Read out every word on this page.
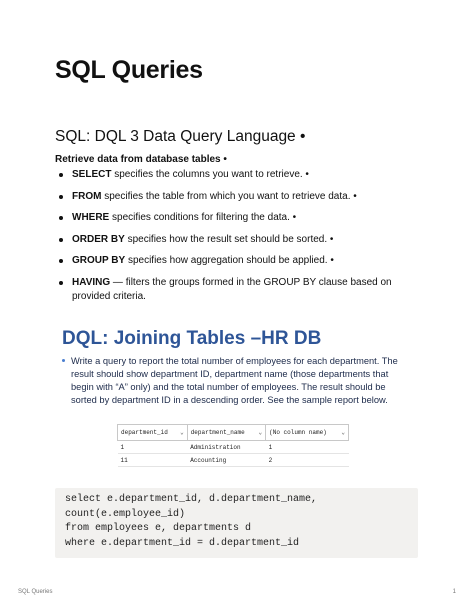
SQL Queries
SQL: DQL 3 Data Query Language •
Retrieve data from database tables •
SELECT specifies the columns you want to retrieve. •
FROM specifies the table from which you want to retrieve data. •
WHERE specifies conditions for filtering the data. •
ORDER BY specifies how the result set should be sorted. •
GROUP BY specifies how aggregation should be applied. •
HAVING — filters the groups formed in the GROUP BY clause based on provided criteria.
DQL: Joining Tables –HR DB
Write a query to report the total number of employees for each department. The result should show department ID, department name (those departments that begin with “A” only) and the total number of employees. The result should be sorted by department ID in a descending order. See the sample report below.
department_id ⌄	department_name ⌄	(No column name) ⌄

1	Administration	1
11	Accounting	2
select e.department_id, d.department_name,
count(e.employee_id)
from employees e, departments d
where e.department_id = d.department_id
SQL Queries	1
